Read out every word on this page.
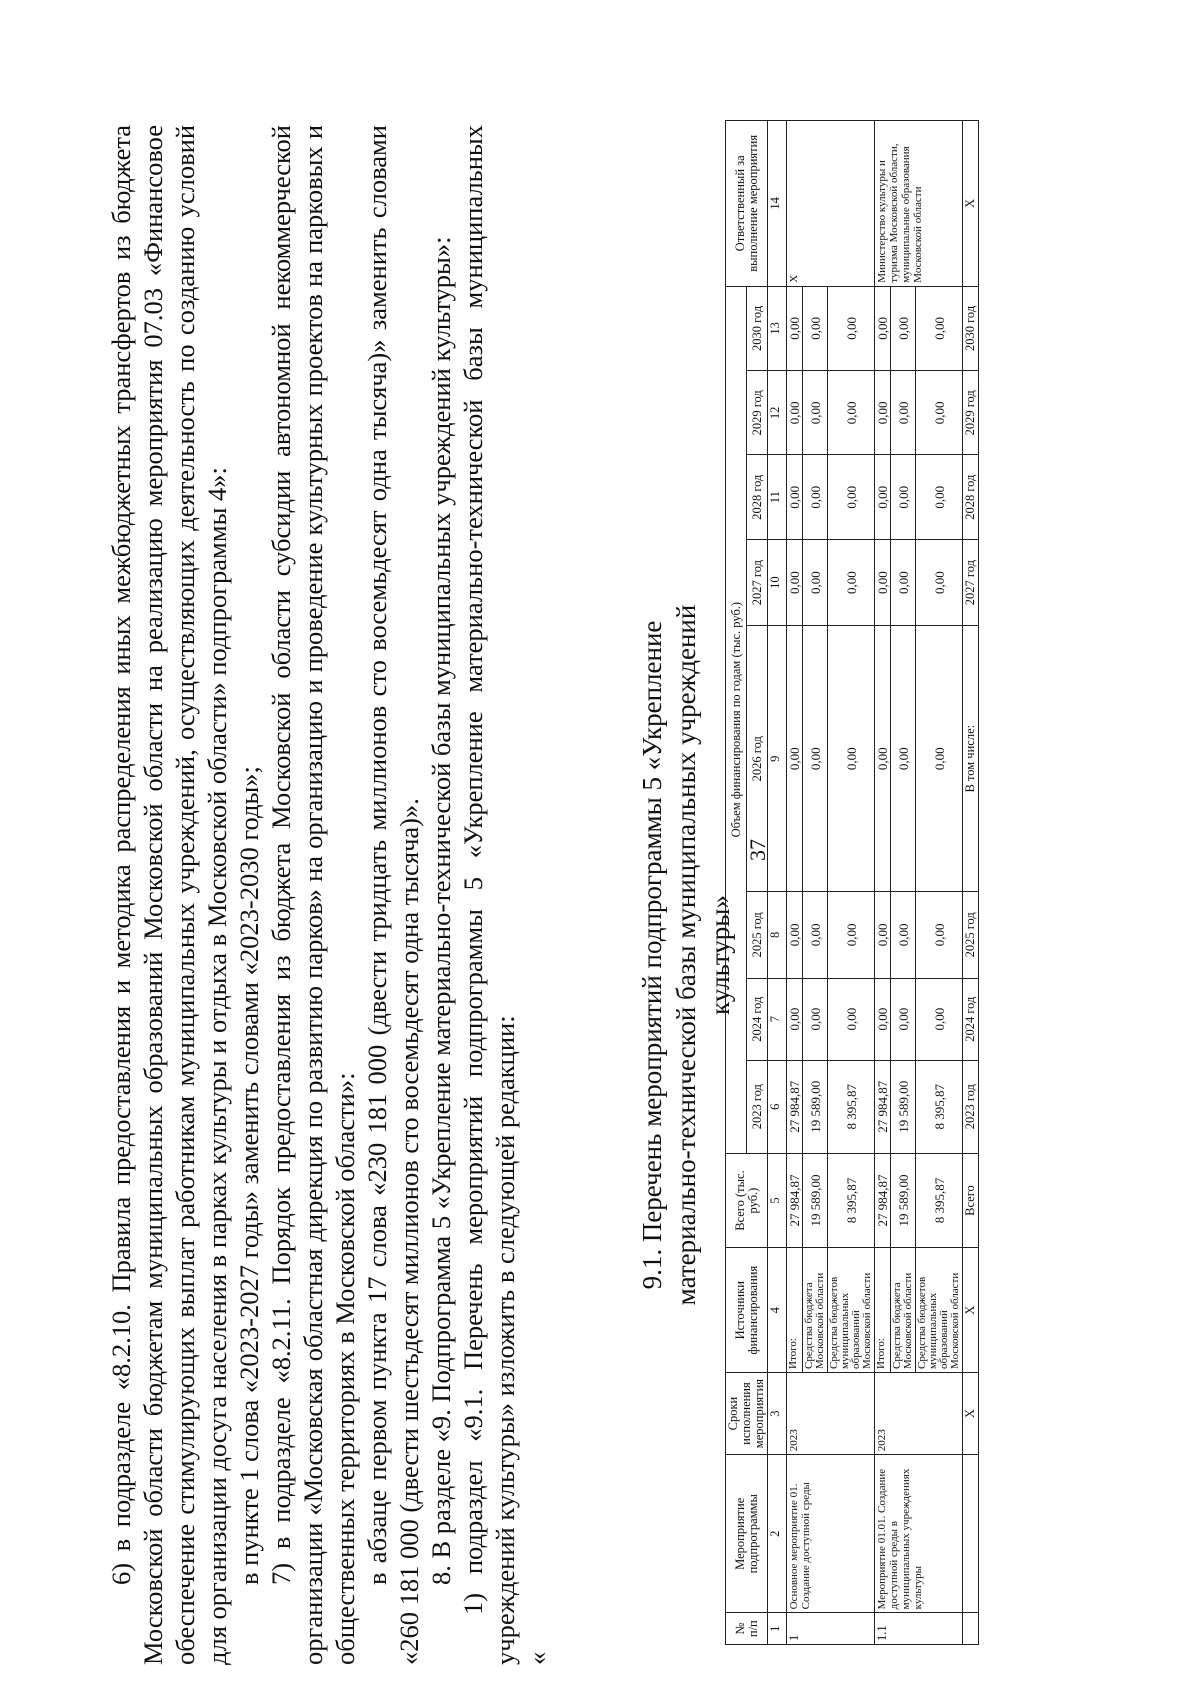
37

6) в подразделе «8.2.10. Правила предоставления и методика распределения иных межбюджетных трансфертов из бюджета Московской области бюджетам муниципальных образований Московской области на реализацию мероприятия 07.03 «Финансовое обеспечение стимулирующих выплат работникам муниципальных учреждений, осуществляющих деятельность по созданию условий для организации досуга населения в парках культуры и отдыха в Московской области» подпрограммы 4»: в пункте 1 слова «2023-2027 годы» заменить словами «2023-2030 годы»; 7) в подразделе «8.2.11. Порядок предоставления из бюджета Московской области субсидии автономной некоммерческой организации «Московская областная дирекция по развитию парков» на организацию и проведение культурных проектов на парковых и общественных территориях в Московской области»: в абзаце первом пункта 17 слова «230 181 000 (двести тридцать миллионов сто восемьдесят одна тысяча)» заменить словами «260 181 000 (двести шестьдесят миллионов сто восемьдесят одна тысяча)». 8. В разделе «9. Подпрограмма 5 «Укрепление материально-технической базы муниципальных учреждений культуры»: 1) подраздел «9.1. Перечень мероприятий подпрограммы 5 «Укрепление материально-технической базы муниципальных учреждений культуры» изложить в следующей редакции: «

9.1. Перечень мероприятий подпрограммы 5 «Укрепление материально-технической базы муниципальных учреждений культуры»
№ п/п	Мероприятие подпрограммы	Сроки исполнения мероприятия	Источники финансирования	Всего (тыс. руб.)	Объем финансирования по годам (тыс. руб.)								Ответственный за выполнение мероприятия
					2023 год	2024 год	2025 год	2026 год	2027 год	2028 год	2029 год	2030 год	
1	2	3	4	5	6	7	8	9	10	11	12	13	14
1	Основное мероприятие 01. Создание доступной среды	2023	Итого:	27 984,87	27 984,87	0,00	0,00	0,00	0,00	0,00	0,00	0,00	Х
			Средства бюджета Московской области	19 589,00	19 589,00	0,00	0,00	0,00	0,00	0,00	0,00	0,00	
			Средства бюджетов муниципальных образований Московской области	8 395,87	8 395,87	0,00	0,00	0,00	0,00	0,00	0,00	0,00	
1.1	Мероприятие 01.01. Создание доступной среды в муниципальных учреждениях культуры	2023	Итого:	27 984,87	27 984,87	0,00	0,00	0,00	0,00	0,00	0,00	0,00	Министерство культуры и туризма Московской области, муниципальные образования Московской области
			Средства бюджета Московской области	19 589,00	19 589,00	0,00	0,00	0,00	0,00	0,00	0,00	0,00	
			Средства бюджетов муниципальных образований Московской области	8 395,87	8 395,87	0,00	0,00	0,00	0,00	0,00	0,00	0,00	
		Х	Х	Всего	2023 год	2024 год	2025 год	В том числе:	2027 год	2028 год	2029 год	2030 год	Х
